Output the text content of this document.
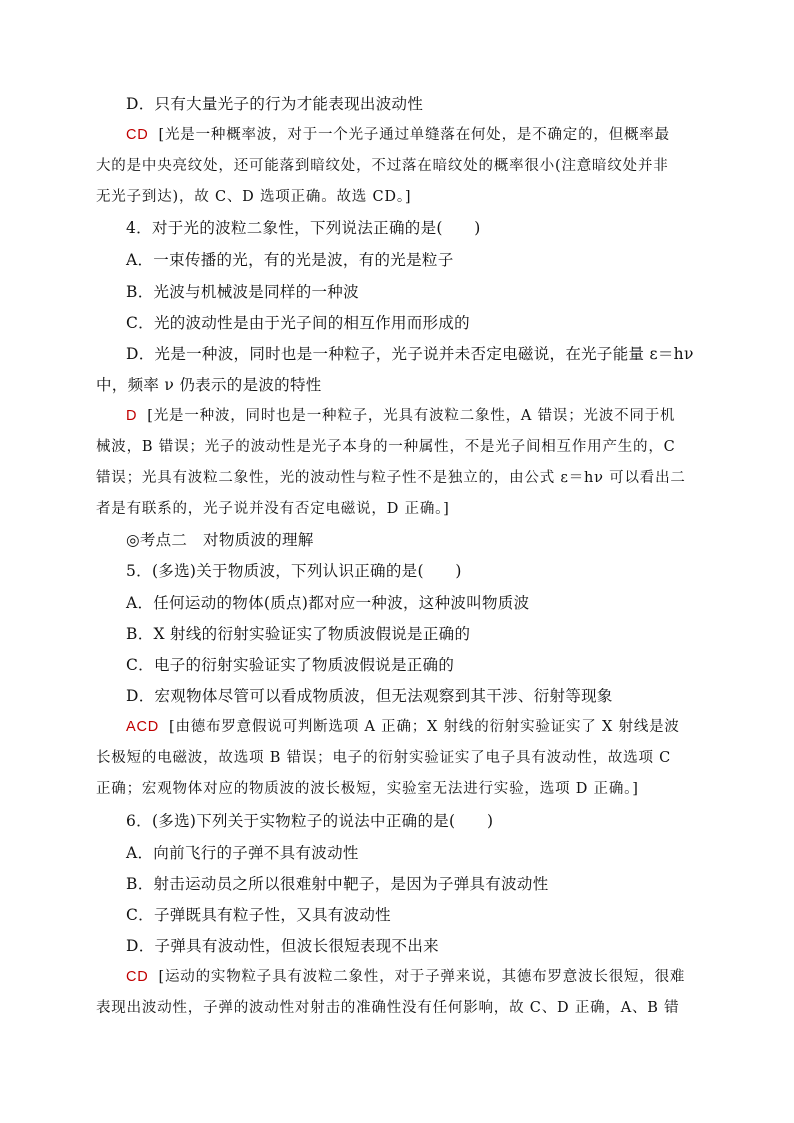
D．只有大量光子的行为才能表现出波动性
CD [光是一种概率波，对于一个光子通过单缝落在何处，是不确定的，但概率最
大的是中央亮纹处，还可能落到暗纹处，不过落在暗纹处的概率很小(注意暗纹处并非
无光子到达)，故 C、D 选项正确。故选 CD。]
4．对于光的波粒二象性，下列说法正确的是(　　)
A．一束传播的光，有的光是波，有的光是粒子
B．光波与机械波是同样的一种波
C．光的波动性是由于光子间的相互作用而形成的
D．光是一种波，同时也是一种粒子，光子说并未否定电磁说，在光子能量 ε＝hν
中，频率 ν 仍表示的是波的特性
D [光是一种波，同时也是一种粒子，光具有波粒二象性，A 错误；光波不同于机
械波，B 错误；光子的波动性是光子本身的一种属性，不是光子间相互作用产生的，C
错误；光具有波粒二象性，光的波动性与粒子性不是独立的，由公式 ε＝hν 可以看出二
者是有联系的，光子说并没有否定电磁说，D 正确。]
◎考点二　对物质波的理解
5．(多选)关于物质波，下列认识正确的是(　　)
A．任何运动的物体(质点)都对应一种波，这种波叫物质波
B．X 射线的衍射实验证实了物质波假说是正确的
C．电子的衍射实验证实了物质波假说是正确的
D．宏观物体尽管可以看成物质波，但无法观察到其干涉、衍射等现象
ACD [由德布罗意假说可判断选项 A 正确；X 射线的衍射实验证实了 X 射线是波
长极短的电磁波，故选项 B 错误；电子的衍射实验证实了电子具有波动性，故选项 C
正确；宏观物体对应的物质波的波长极短，实验室无法进行实验，选项 D 正确。]
6．(多选)下列关于实物粒子的说法中正确的是(　　)
A．向前飞行的子弹不具有波动性
B．射击运动员之所以很难射中靶子，是因为子弹具有波动性
C．子弹既具有粒子性，又具有波动性
D．子弹具有波动性，但波长很短表现不出来
CD [运动的实物粒子具有波粒二象性，对于子弹来说，其德布罗意波长很短，很难
表现出波动性，子弹的波动性对射击的准确性没有任何影响，故 C、D 正确，A、B 错
